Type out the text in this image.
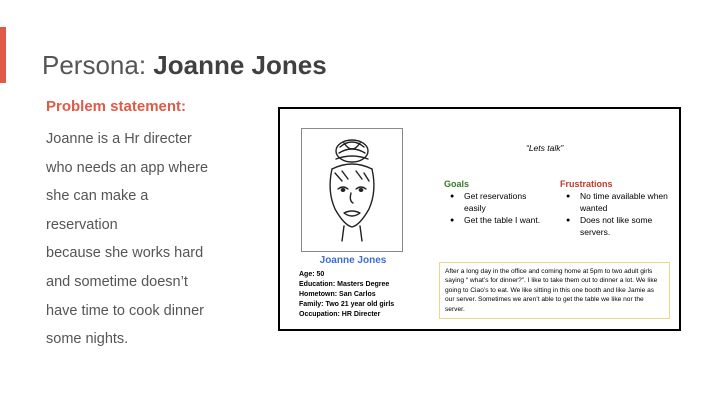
Persona: Joanne Jones
Problem statement:
Joanne is a Hr directer
who needs an app where
she can make a
reservation
because she works hard
and sometime doesn’t
have time to cook dinner
some nights.
Joanne Jones
Age: 50
Education: Masters Degree
Hometown: San Carlos
Family: Two 21 year old girls
Occupation: HR Directer
“Lets talk”
Goals
● Get reservations easily
● Get the table I want.
Frustrations
● No time available when wanted
● Does not like some servers.
After a long day in the office and coming home at 5pm to two adult girls saying “ what’s for dinner?”. I like to take them out to dinner a lot. We like going to Ciao’s to eat. We like sitting in this one booth and like Jamie as our server. Sometimes we aren’t able to get the table we like nor the server.
